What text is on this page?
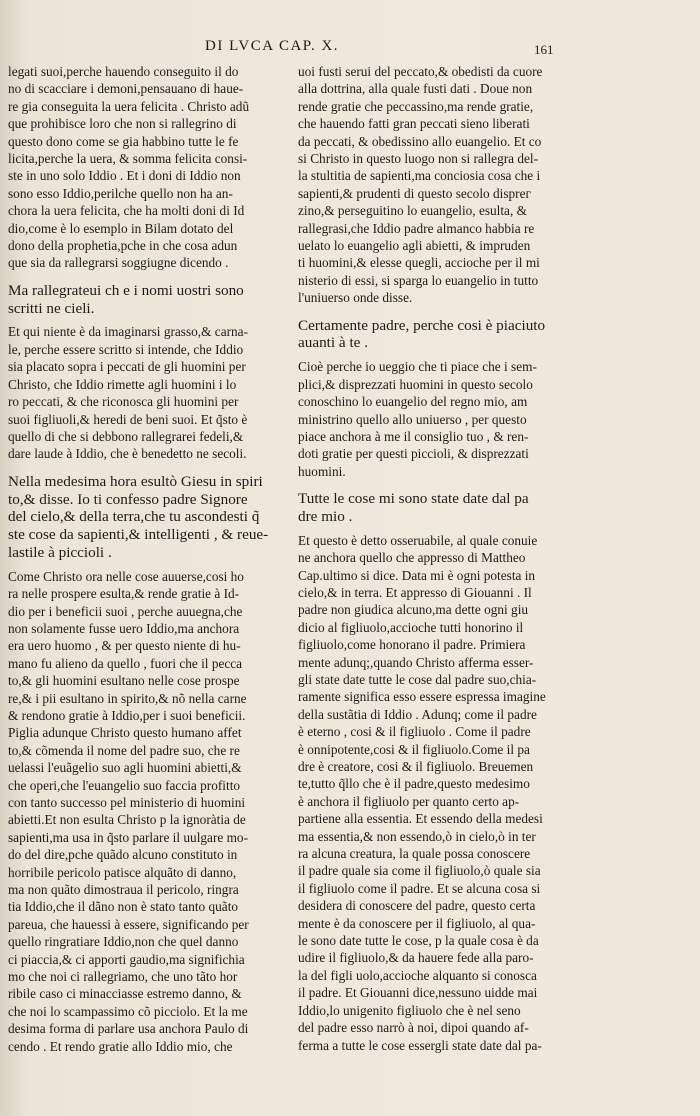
DI LVCA CAP. X.	161
legati suoi,perche hauendo conseguito il do
no di scacciare i demoni,pensauano di haue-
re gia conseguita la uera felicita . Christo adũ
que prohibisce loro che non si rallegrino di
questo dono come se gia habbino tutte le fe
licita,perche la uera, & somma felicita consi-
ste in uno solo Iddio . Et i doni di Iddio non
sono esso Iddio,perilche quello non ha an-
chora la uera felicita, che ha molti doni di Id
dio,come è lo esemplo in Bilam dotato del
dono della prophetia,pche in che cosa adun
que sia da rallegrarsi soggiugne dicendo .
Ma rallegrateui ch e i nomi uostri sono
scritti ne cieli.
Et qui niente è da imaginarsi grasso,& carna-
le, perche essere scritto si intende, che Iddio
sia placato sopra i peccati de gli huomini per
Christo, che Iddio rimette agli huomini i lo
ro peccati, & che riconosca gli huomini per
suoi figliuoli,& heredi de beni suoi. Et q̃sto è
quello di che si debbono rallegrarei fedeli,&
dare laude à Iddio, che è benedetto ne secoli.
Nella medesima hora esultò Giesu in spiri
to,& disse. Io ti confesso padre Signore
del cielo,& della terra,che tu ascondesti q̃
ste cose da sapienti,& intelligenti , & reue-
lastile à piccioli .
Come Christo ora nelle cose auuerse,cosi ho
ra nelle prospere esulta,& rende gratie à Id-
dio per i beneficii suoi , perche auuegna,che
non solamente fusse uero Iddio,ma anchora
era uero huomo , & per questo niente di hu-
mano fu alieno da quello , fuori che il pecca
to,& gli huomini esultano nelle cose prospe
re,& i pii esultano in spirito,& nõ nella carne
& rendono gratie à Iddio,per i suoi beneficii.
Piglia adunque Christo questo humano affet
to,& cõmenda il nome del padre suo, che re
uelassi l'euãgelio suo agli huomini abietti,&
che operi,che l'euangelio suo faccia profitto
con tanto successo pel ministerio di huomini
abietti.Et non esulta Christo p la ignoràtia de
sapienti,ma usa in q̃sto parlare il uulgare mo-
do del dire,pche quãdo alcuno constituto in
horribile pericolo patisce alquãto di danno,
ma non quãto dimostraua il pericolo, ringra
tia Iddio,che il dãno non è stato tanto quãto
pareua, che hauessi à essere, significando per
quello ringratiare Iddio,non che quel danno
ci piaccia,& ci apporti gaudio,ma significhia
mo che noi ci rallegriamo, che uno tãto hor
ribile caso ci minacciasse estremo danno, &
che noi lo scampassimo cõ picciolo. Et la me
desima forma di parlare usa anchora Paulo di
cendo . Et rendo gratie allo Iddio mio, che
uoi fusti serui del peccato,& obedisti da cuore
alla dottrina, alla quale fusti dati . Doue non
rende gratie che peccassino,ma rende gratie,
che hauendo fatti gran peccati sieno liberati
da peccati, & obedissino allo euangelio. Et co
si Christo in questo luogo non si rallegra del-
la stultitia de sapienti,ma conciosia cosa che i
sapienti,& prudenti di questo secolo dispreг
zino,& perseguitino lo euangelio, esulta, &
rallegrasi,che Iddio padre almanco habbia re
uelato lo euangelio agli abietti, & impruden
ti huomini,& elesse quegli, accioche per il mi
nisterio di essi, si sparga lo euangelio in tutto
l'uniuerso onde disse.
Certamente padre, perche cosi è piaciuto
auanti à te .
Cioè perche io ueggio che ti piace che i sem-
plici,& disprezzati huomini in questo secolo
conoschino lo euangelio del regno mio, am
ministrino quello allo uniuerso , per questo
piace anchora à me il consiglio tuo , & ren-
doti gratie per questi piccioli, & disprezzati
huomini.
Tutte le cose mi sono state date dal pa
dre mio .
Et questo è detto osseruabile, al quale conuie
ne anchora quello che appresso di Mattheo
Cap.ultimo si dice. Data mi è ogni potesta in
cielo,& in terra. Et appresso di Giouanni . Il
padre non giudica alcuno,ma dette ogni giu
dicio al figliuolo,accioche tutti honorino il
figliuolo,come honorano il padre. Primiera
mente adunq;,quando Christo afferma esser-
gli state date tutte le cose dal padre suo,chia-
ramente significa esso essere espressa imagine
della sustãtia di Iddio . Adunq; come il padre
è eterno , cosi & il figliuolo . Come il padre
è onnipotente,cosi & il figliuolo.Come il pa
dre è creatore, cosi & il figliuolo. Breuemen
te,tutto q̃llo che è il padre,questo medesimo
è anchora il figliuolo per quanto certo ap-
partiene alla essentia. Et essendo della medesi
ma essentia,& non essendo,ò in cielo,ò in ter
ra alcuna creatura, la quale possa conoscere
il padre quale sia come il figliuolo,ò quale sia
il figliuolo come il padre. Et se alcuna cosa si
desidera di conoscere del padre, questo certa
mente è da conoscere per il figliuolo, al qua-
le sono date tutte le cose, p la quale cosa è da
udire il figliuolo,& da hauere fede alla paro-
la del figli uolo,accioche alquanto si conosca
il padre. Et Giouanni dice,nessuno uidde mai
Iddio,lo unigenito figliuolo che è nel seno
del padre esso narrò à noi, dipoi quando af-
ferma a tutte le cose essergli state date dal pa-
